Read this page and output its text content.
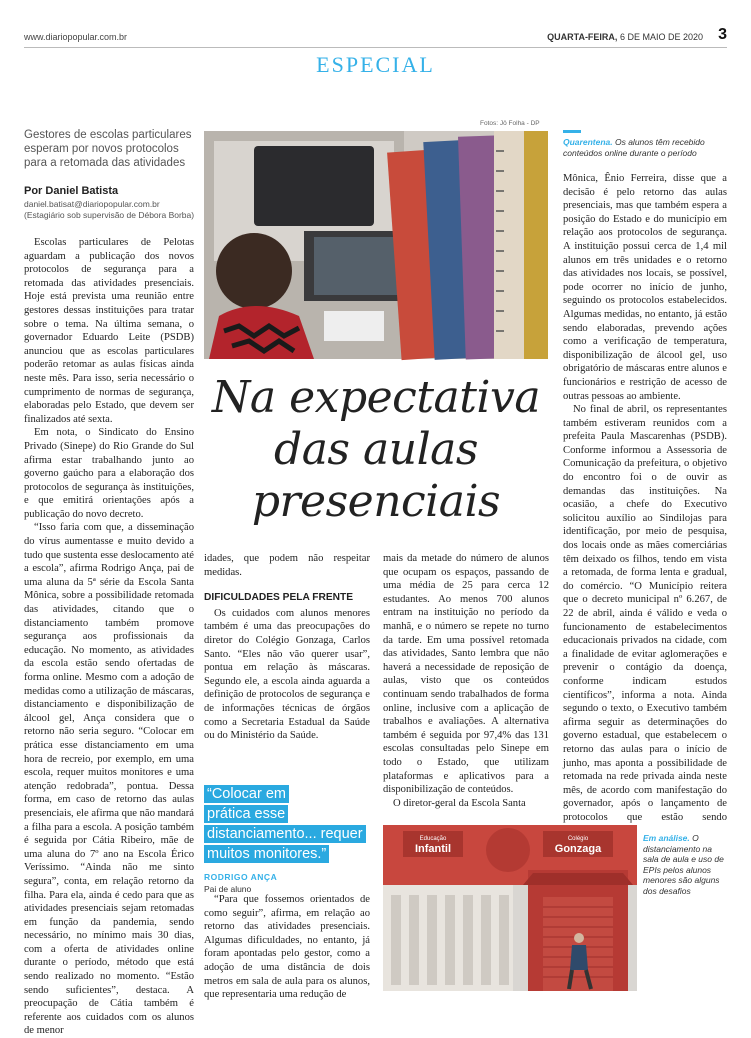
www.diariopopular.com.br	QUARTA-FEIRA, 6 DE MAIO DE 2020 3
ESPECIAL
Gestores de escolas particulares esperam por novos protocolos para a retomada das atividades
Por Daniel Batista
daniel.batisat@diariopopular.com.br
(Estagiário sob supervisão de Débora Borba)

Escolas particulares de Pelotas aguardam a publicação dos novos protocolos de segurança para a retomada das atividades presenciais. Hoje está prevista uma reunião entre gestores dessas instituições para tratar sobre o tema. Na última semana, o governador Eduardo Leite (PSDB) anunciou que as escolas particulares poderão retomar as aulas físicas ainda neste mês. Para isso, seria necessário o cumprimento de normas de segurança, elaboradas pelo Estado, que devem ser finalizados até sexta.

Em nota, o Sindicato do Ensino Privado (Sinepe) do Rio Grande do Sul afirma estar trabalhando junto ao governo gaúcho para a elaboração dos protocolos de segurança às instituições, e que emitirá orientações após a publicação do novo decreto.

“Isso faria com que, a disseminação do vírus aumentasse e muito devido a tudo que sustenta esse deslocamento até a escola”, afirma Rodrigo Ança, pai de uma aluna da 5ª série da Escola Santa Mônica, sobre a possibilidade retomada das atividades, citando que o distanciamento também promove segurança aos profissionais da educação. No momento, as atividades da escola estão sendo ofertadas de forma online. Mesmo com a adoção de medidas como a utilização de máscaras, distanciamento e disponibilização de álcool gel, Ança considera que o retorno não seria seguro. “Colocar em prática esse distanciamento em uma hora de recreio, por exemplo, em uma escola, requer muitos monitores e uma atenção redobrada”, pontua. Dessa forma, em caso de retorno das aulas presenciais, ele afirma que não mandará a filha para a escola. A posição também é seguida por Cátia Ribeiro, mãe de uma aluna do 7º ano na Escola Érico Veríssimo. “Ainda não me sinto segura”, conta, em relação retorno da filha. Para ela, ainda é cedo para que as atividades presenciais sejam retomadas em função da pandemia, sendo necessário, no mínimo mais 30 dias, com a oferta de atividades online durante o período, método que está sendo realizado no momento. “Estão sendo suficientes”, destaca. A preocupação de Cátia também é referente aos cuidados com os alunos de menor

Fotos: Jô Folha - DP
Na expectativa
das aulas
presenciais

idades, que podem não respeitar medidas.

DIFICULDADES PELA FRENTE

Os cuidados com alunos menores também é uma das preocupações do diretor do Colégio Gonzaga, Carlos Santo. “Eles não vão querer usar”, pontua em relação às máscaras. Segundo ele, a escola ainda aguarda a definição de protocolos de segurança e de informações técnicas de órgãos como a Secretaria Estadual da Saúde ou do Ministério da Saúde.

“Colocar em
prática esse
distanciamento... requer
muitos monitores.”
RODRIGO ANÇA
Pai de aluno

“Para que fossemos orientados de como seguir”, afirma, em relação ao retorno das atividades presenciais. Algumas dificuldades, no entanto, já foram apontadas pelo gestor, como a adoção de uma distância de dois metros em sala de aula para os alunos, que representaria uma redução de

mais da metade do número de alunos que ocupam os espaços, passando de uma média de 25 para cerca 12 estudantes. Ao menos 700 alunos entram na instituição no período da manhã, e o número se repete no turno da tarde. Em uma possível retomada das atividades, Santo lembra que não haverá a necessidade de reposição de aulas, visto que os conteúdos continuam sendo trabalhados de forma online, inclusive com a aplicação de trabalhos e avaliações. A alternativa também é seguida por 97,4% das 131 escolas consultadas pelo Sinepe em todo o Estado, que utilizam plataformas e aplicativos para a disponibilização de conteúdos.

O diretor-geral da Escola Santa

Quarentena. Os alunos têm recebido conteúdos online durante o período

Mônica, Ênio Ferreira, disse que a decisão é pelo retorno das aulas presenciais, mas que também espera a posição do Estado e do município em relação aos protocolos de segurança. A instituição possui cerca de 1,4 mil alunos em três unidades e o retorno das atividades nos locais, se possível, pode ocorrer no início de junho, seguindo os protocolos estabelecidos. Algumas medidas, no entanto, já estão sendo elaboradas, prevendo ações como a verificação de temperatura, disponibilização de álcool gel, uso obrigatório de máscaras entre alunos e funcionários e restrição de acesso de outras pessoas ao ambiente.

No final de abril, os representantes também estiveram reunidos com a prefeita Paula Mascarenhas (PSDB). Conforme informou a Assessoria de Comunicação da prefeitura, o objetivo do encontro foi o de ouvir as demandas das instituições. Na ocasião, a chefe do Executivo solicitou auxílio ao Sindilojas para identificação, por meio de pesquisa, dos locais onde as mães comerciárias têm deixado os filhos, tendo em vista a retomada, de forma lenta e gradual, do comércio. “O Município reitera que o decreto municipal nº 6.267, de 22 de abril, ainda é válido e veda o funcionamento de estabelecimentos educacionais privados na cidade, com a finalidade de evitar aglomerações e prevenir o contágio da doença, conforme indicam estudos científicos”, informa a nota. Ainda segundo o texto, o Executivo também afirma seguir as determinações do governo estadual, que estabelecem o retorno das aulas para o início de junho, mas aponta a possibilidade de retomada na rede privada ainda neste mês, de acordo com manifestação do governador, após o lançamento de protocolos que estão sendo

Educação
Infantil
Colégio
Gonzaga
Em análise. O distanciamento na sala de aula e uso de EPIs pelos alunos menores são alguns dos desafios
